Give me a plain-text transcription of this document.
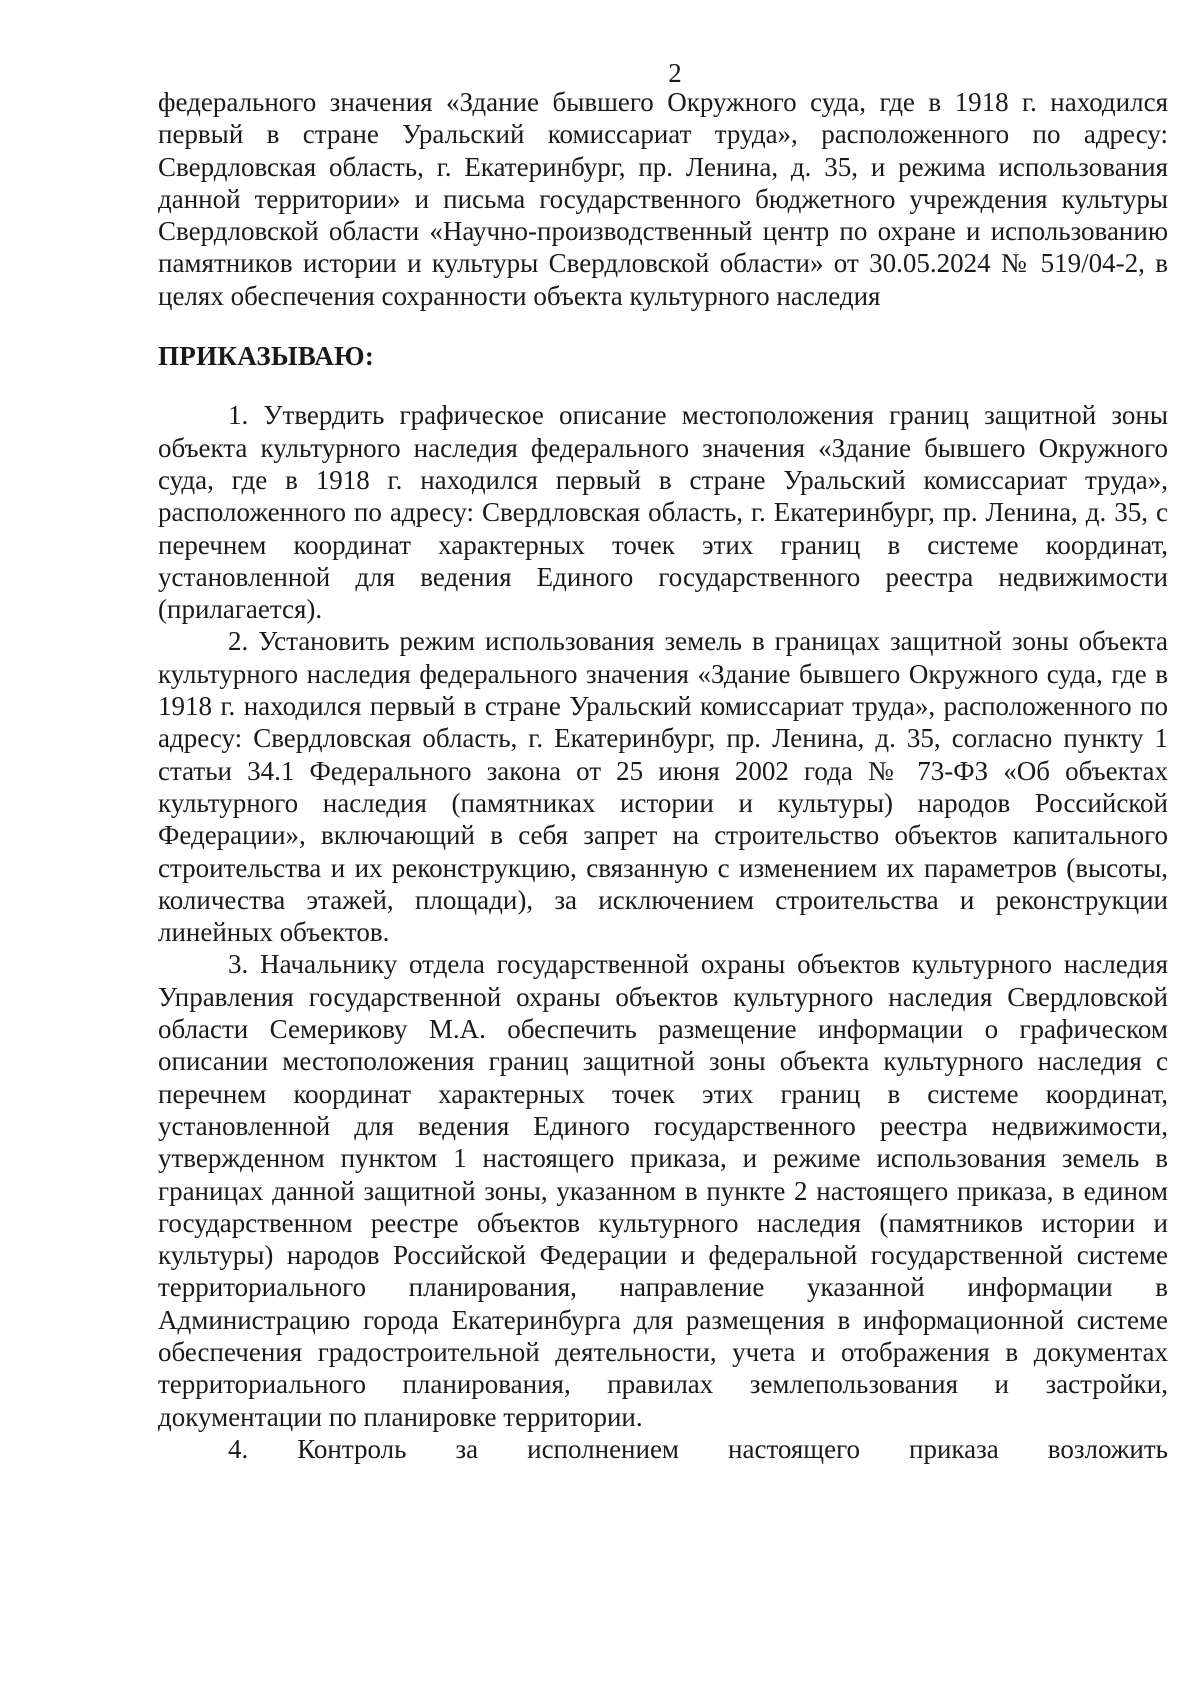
2

федерального значения «Здание бывшего Окружного суда, где в 1918 г. находился первый в стране Уральский комиссариат труда», расположенного по адресу: Свердловская область, г. Екатеринбург, пр. Ленина, д. 35, и режима использования данной территории» и письма государственного бюджетного учреждения культуры Свердловской области «Научно-производственный центр по охране и использованию памятников истории и культуры Свердловской области» от 30.05.2024 № 519/04-2, в целях обеспечения сохранности объекта культурного наследия

ПРИКАЗЫВАЮ:

1. Утвердить графическое описание местоположения границ защитной зоны объекта культурного наследия федерального значения «Здание бывшего Окружного суда, где в 1918 г. находился первый в стране Уральский комиссариат труда», расположенного по адресу: Свердловская область, г. Екатеринбург, пр. Ленина, д. 35, с перечнем координат характерных точек этих границ в системе координат, установленной для ведения Единого государственного реестра недвижимости (прилагается).

2. Установить режим использования земель в границах защитной зоны объекта культурного наследия федерального значения «Здание бывшего Окружного суда, где в 1918 г. находился первый в стране Уральский комиссариат труда», расположенного по адресу: Свердловская область, г. Екатеринбург, пр. Ленина, д. 35, согласно пункту 1 статьи 34.1 Федерального закона от 25 июня 2002 года № 73-ФЗ «Об объектах культурного наследия (памятниках истории и культуры) народов Российской Федерации», включающий в себя запрет на строительство объектов капитального строительства и их реконструкцию, связанную с изменением их параметров (высоты, количества этажей, площади), за исключением строительства и реконструкции линейных объектов.

3. Начальнику отдела государственной охраны объектов культурного наследия Управления государственной охраны объектов культурного наследия Свердловской области Семерикову М.А. обеспечить размещение информации о графическом описании местоположения границ защитной зоны объекта культурного наследия с перечнем координат характерных точек этих границ в системе координат, установленной для ведения Единого государственного реестра недвижимости, утвержденном пунктом 1 настоящего приказа, и режиме использования земель в границах данной защитной зоны, указанном в пункте 2 настоящего приказа, в едином государственном реестре объектов культурного наследия (памятников истории и культуры) народов Российской Федерации и федеральной государственной системе территориального планирования, направление указанной информации в Администрацию города Екатеринбурга для размещения в информационной системе обеспечения градостроительной деятельности, учета и отображения в документах территориального планирования, правилах землепользования и застройки, документации по планировке территории.

4. Контроль за исполнением настоящего приказа возложить
